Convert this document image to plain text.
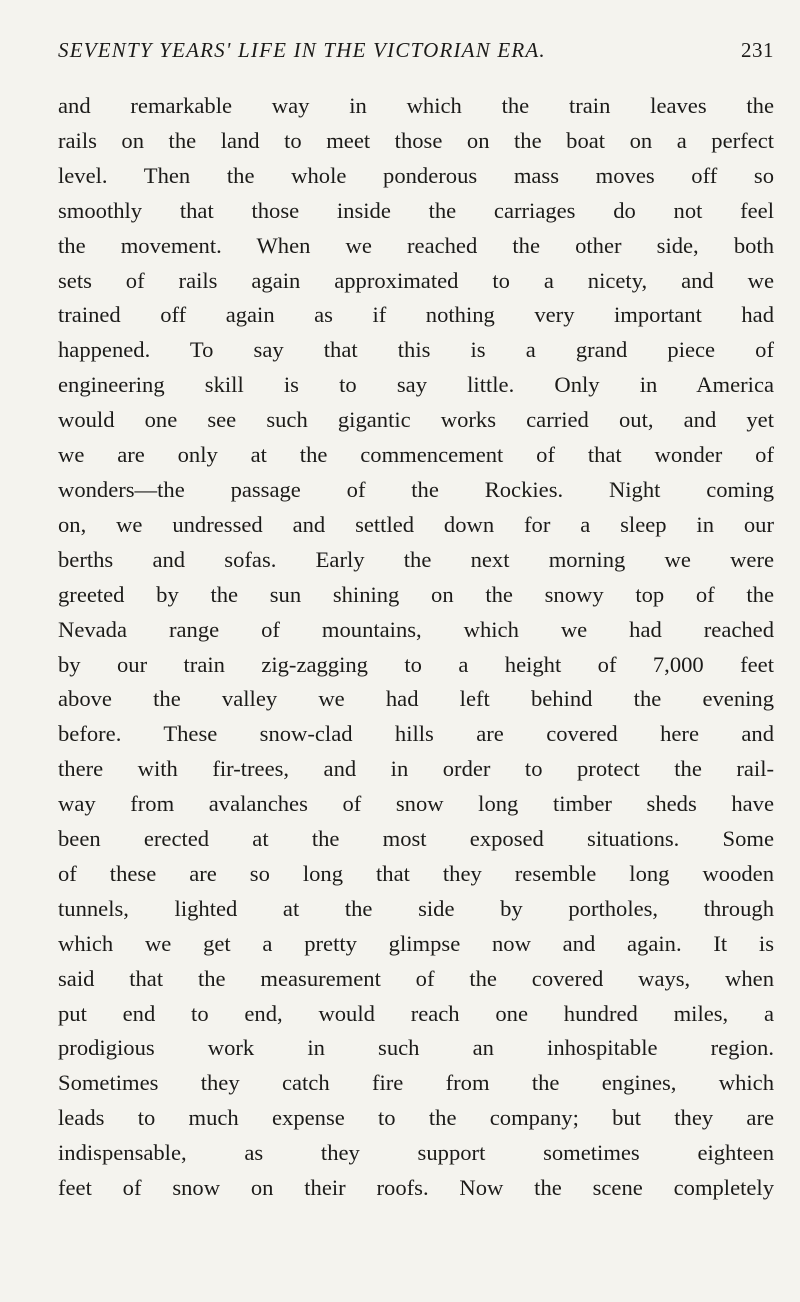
SEVENTY YEARS' LIFE IN THE VICTORIAN ERA.	231
and remarkable way in which the train leaves the
rails on the land to meet those on the boat on a perfect
level. Then the whole ponderous mass moves off so
smoothly that those inside the carriages do not feel
the movement. When we reached the other side, both
sets of rails again approximated to a nicety, and we
trained off again as if nothing very important had
happened. To say that this is a grand piece of
engineering skill is to say little. Only in America
would one see such gigantic works carried out, and yet
we are only at the commencement of that wonder of
wonders—the passage of the Rockies. Night coming
on, we undressed and settled down for a sleep in our
berths and sofas. Early the next morning we were
greeted by the sun shining on the snowy top of the
Nevada range of mountains, which we had reached
by our train zig-zagging to a height of 7,000 feet
above the valley we had left behind the evening
before. These snow-clad hills are covered here and
there with fir-trees, and in order to protect the rail-
way from avalanches of snow long timber sheds have
been erected at the most exposed situations. Some
of these are so long that they resemble long wooden
tunnels, lighted at the side by portholes, through
which we get a pretty glimpse now and again. It is
said that the measurement of the covered ways, when
put end to end, would reach one hundred miles, a
prodigious work in such an inhospitable region.
Sometimes they catch fire from the engines, which
leads to much expense to the company; but they are
indispensable, as they support sometimes eighteen
feet of snow on their roofs. Now the scene completely
